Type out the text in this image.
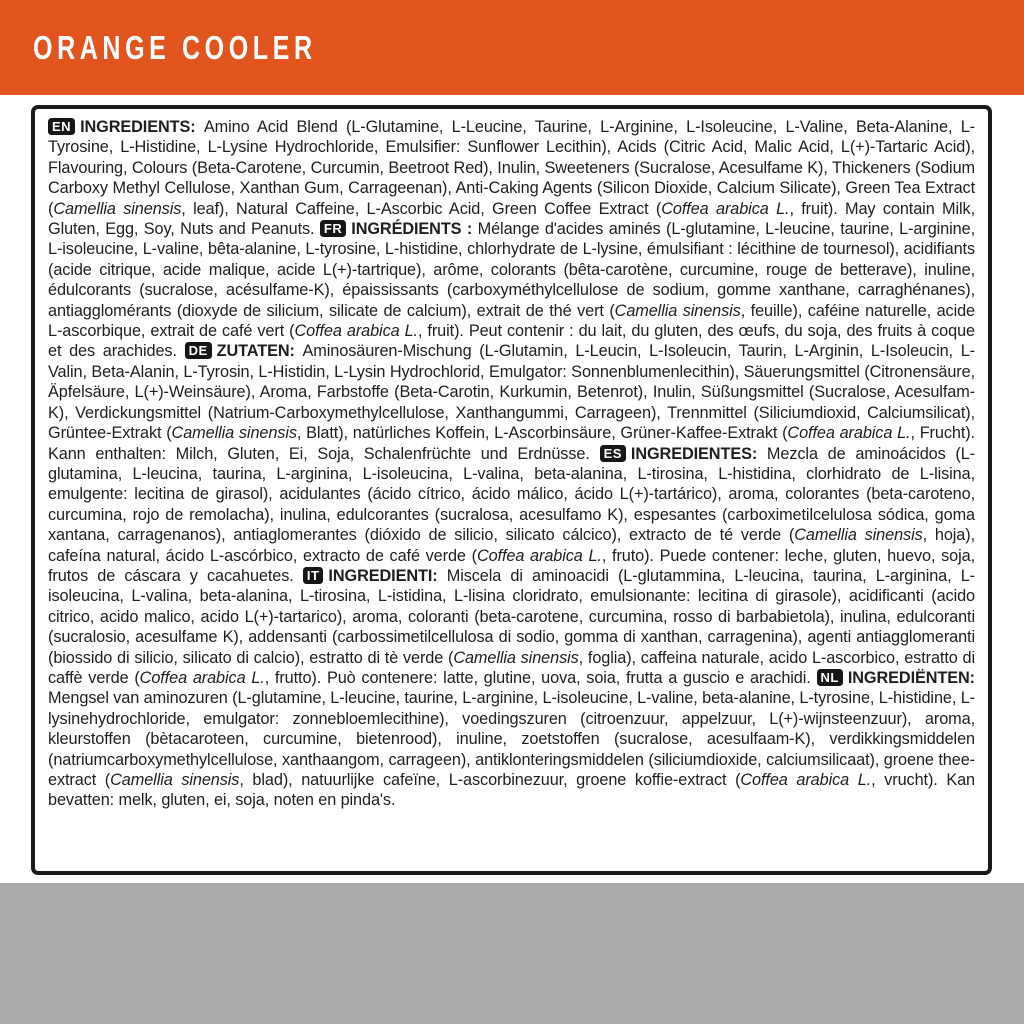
ORANGE COOLER

EN INGREDIENTS: Amino Acid Blend (L-Glutamine, L-Leucine, Taurine, L-Arginine, L-Isoleucine, L-Valine, Beta-Alanine, L-Tyrosine, L-Histidine, L-Lysine Hydrochloride, Emulsifier: Sunflower Lecithin), Acids (Citric Acid, Malic Acid, L(+)-Tartaric Acid), Flavouring, Colours (Beta-Carotene, Curcumin, Beetroot Red), Inulin, Sweeteners (Sucralose, Acesulfame K), Thickeners (Sodium Carboxy Methyl Cellulose, Xanthan Gum, Carrageenan), Anti-Caking Agents (Silicon Dioxide, Calcium Silicate), Green Tea Extract (Camellia sinensis, leaf), Natural Caffeine, L-Ascorbic Acid, Green Coffee Extract (Coffea arabica L., fruit). May contain Milk, Gluten, Egg, Soy, Nuts and Peanuts. FR INGRÉDIENTS : Mélange d'acides aminés (L-glutamine, L-leucine, taurine, L-arginine, L-isoleucine, L-valine, bêta-alanine, L-tyrosine, L-histidine, chlorhydrate de L-lysine, émulsifiant : lécithine de tournesol), acidifiants (acide citrique, acide malique, acide L(+)-tartrique), arôme, colorants (bêta-carotène, curcumine, rouge de betterave), inuline, édulcorants (sucralose, acésulfame-K), épaississants (carboxyméthylcellulose de sodium, gomme xanthane, carraghénanes), antiagglomérants (dioxyde de silicium, silicate de calcium), extrait de thé vert (Camellia sinensis, feuille), caféine naturelle, acide L-ascorbique, extrait de café vert (Coffea arabica L., fruit). Peut contenir : du lait, du gluten, des œufs, du soja, des fruits à coque et des arachides. DE ZUTATEN: Aminosäuren-Mischung (L-Glutamin, L-Leucin, L-Isoleucin, Taurin, L-Arginin, L-Isoleucin, L-Valin, Beta-Alanin, L-Tyrosin, L-Histidin, L-Lysin Hydrochlorid, Emulgator: Sonnenblumenlecithin), Säuerungsmittel (Citronensäure, Äpfelsäure, L(+)-Weinsäure), Aroma, Farbstoffe (Beta-Carotin, Kurkumin, Betenrot), Inulin, Süßungsmittel (Sucralose, Acesulfam-K), Verdickungsmittel (Natrium-Carboxymethylcellulose, Xanthangummi, Carrageen), Trennmittel (Siliciumdioxid, Calciumsilicat), Grüntee-Extrakt (Camellia sinensis, Blatt), natürliches Koffein, L-Ascorbinsäure, Grüner-Kaffee-Extrakt (Coffea arabica L., Frucht). Kann enthalten: Milch, Gluten, Ei, Soja, Schalenfrüchte und Erdnüsse. ES INGREDIENTES: Mezcla de aminoácidos (L-glutamina, L-leucina, taurina, L-arginina, L-isoleucina, L-valina, beta-alanina, L-tirosina, L-histidina, clorhidrato de L-lisina, emulgente: lecitina de girasol), acidulantes (ácido cítrico, ácido málico, ácido L(+)-tartárico), aroma, colorantes (beta-caroteno, curcumina, rojo de remolacha), inulina, edulcorantes (sucralosa, acesulfamo K), espesantes (carboximetilcelulosa sódica, goma xantana, carragenanos), antiaglomerantes (dióxido de silicio, silicato cálcico), extracto de té verde (Camellia sinensis, hoja), cafeína natural, ácido L-ascórbico, extracto de café verde (Coffea arabica L., fruto). Puede contener: leche, gluten, huevo, soja, frutos de cáscara y cacahuetes. IT INGREDIENTI: Miscela di aminoacidi (L-glutammina, L-leucina, taurina, L-arginina, L-isoleucina, L-valina, beta-alanina, L-tirosina, L-istidina, L-lisina cloridrato, emulsionante: lecitina di girasole), acidificanti (acido citrico, acido malico, acido L(+)-tartarico), aroma, coloranti (beta-carotene, curcumina, rosso di barbabietola), inulina, edulcoranti (sucralosio, acesulfame K), addensanti (carbossimetilcellulosa di sodio, gomma di xanthan, carragenina), agenti antiagglomeranti (biossido di silicio, silicato di calcio), estratto di tè verde (Camellia sinensis, foglia), caffeina naturale, acido L-ascorbico, estratto di caffè verde (Coffea arabica L., frutto). Può contenere: latte, glutine, uova, soia, frutta a guscio e arachidi. NL INGREDIËNTEN: Mengsel van aminozuren (L-glutamine, L-leucine, taurine, L-arginine, L-isoleucine, L-valine, beta-alanine, L-tyrosine, L-histidine, L-lysinehydrochloride, emulgator: zonnebloemlecithine), voedingszuren (citroenzuur, appelzuur, L(+)-wijnsteenzuur), aroma, kleurstoffen (bètacaroteen, curcumine, bietenrood), inuline, zoetstoffen (sucralose, acesulfaam-K), verdikkingsmiddelen (natriumcarboxymethylcellulose, xanthaangom, carrageen), antiklonteringsmiddelen (siliciumdioxide, calciumsilicaat), groene thee-extract (Camellia sinensis, blad), natuurlijke cafeïne, L-ascorbinezuur, groene koffie-extract (Coffea arabica L., vrucht). Kan bevatten: melk, gluten, ei, soja, noten en pinda's.
